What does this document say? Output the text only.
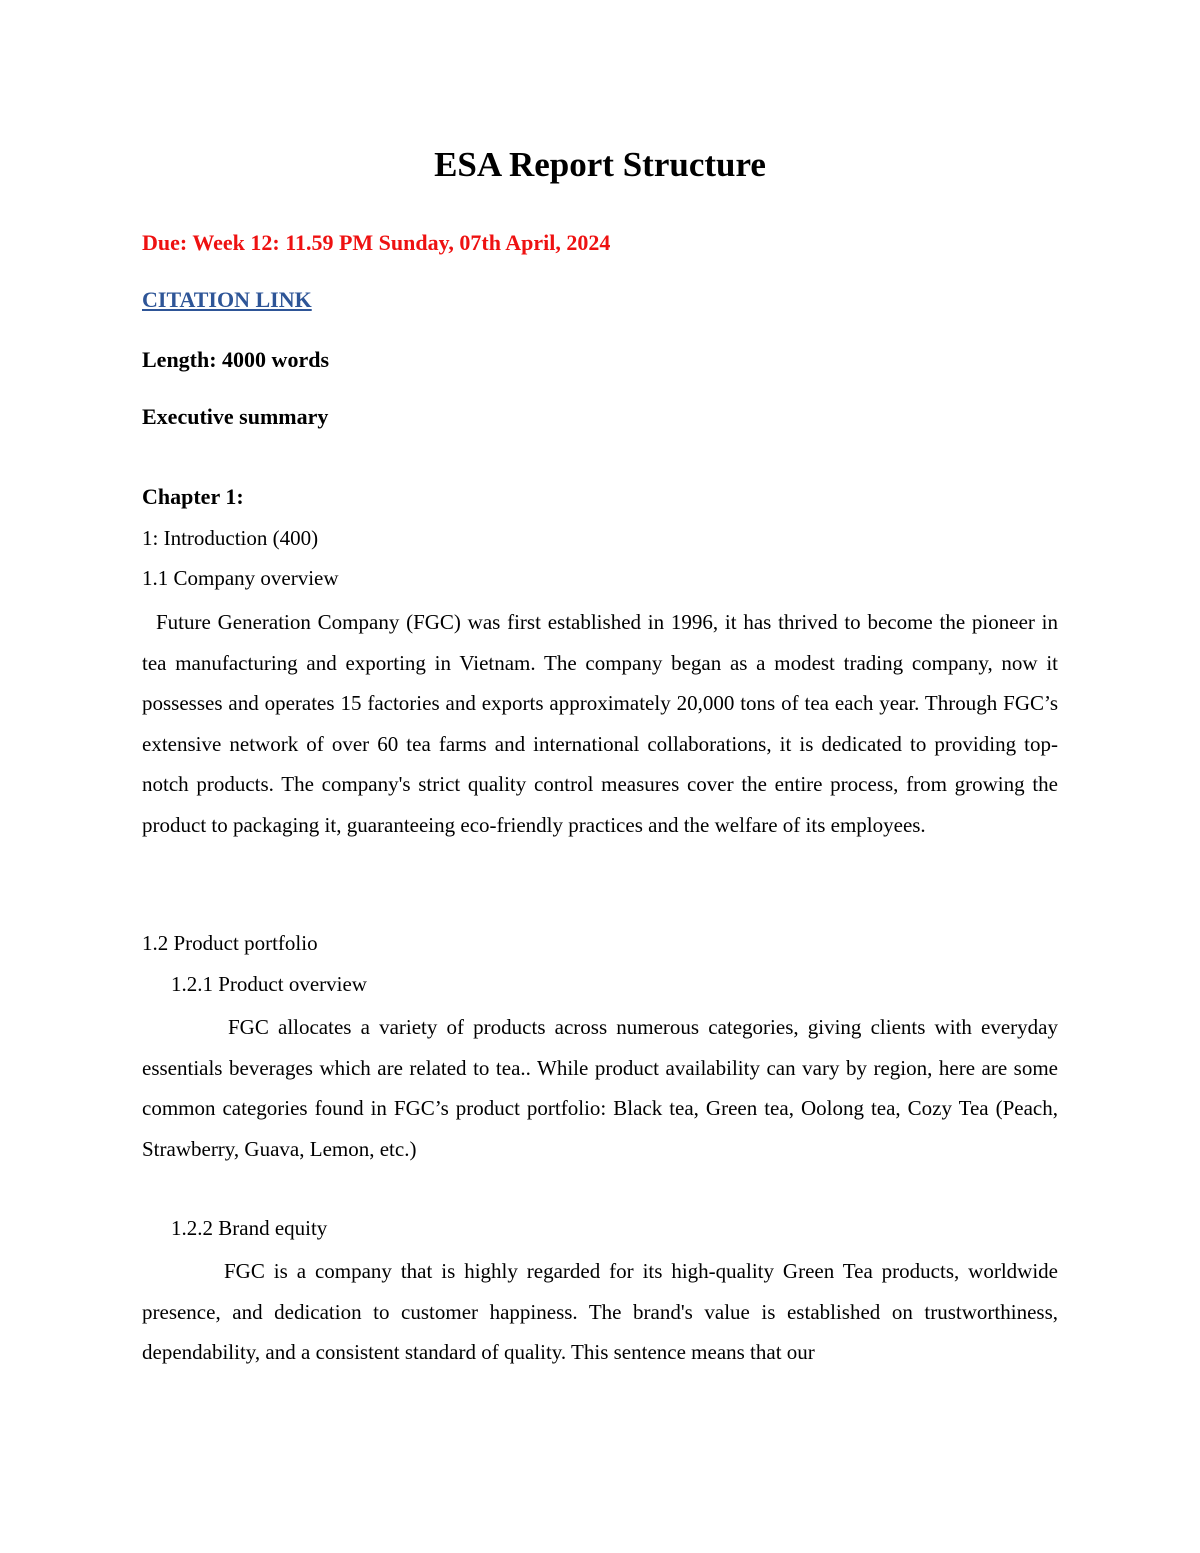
ESA Report Structure
Due: Week 12: 11.59 PM Sunday, 07th April, 2024
CITATION LINK
Length: 4000 words
Executive summary
Chapter 1:
1: Introduction (400)
1.1 Company overview
Future Generation Company (FGC) was first established in 1996, it has thrived to become the pioneer in tea manufacturing and exporting in Vietnam. The company began as a modest trading company, now it possesses and operates 15 factories and exports approximately 20,000 tons of tea each year. Through FGC’s extensive network of over 60 tea farms and international collaborations, it is dedicated to providing top-notch products. The company's strict quality control measures cover the entire process, from growing the product to packaging it, guaranteeing eco-friendly practices and the welfare of its employees.
1.2 Product portfolio
1.2.1 Product overview
FGC allocates a variety of products across numerous categories, giving clients with everyday essentials beverages which are related to tea.. While product availability can vary by region, here are some common categories found in FGC’s product portfolio: Black tea, Green tea, Oolong tea, Cozy Tea (Peach, Strawberry, Guava, Lemon, etc.)
1.2.2 Brand equity
FGC is a company that is highly regarded for its high-quality Green Tea products, worldwide presence, and dedication to customer happiness. The brand's value is established on trustworthiness, dependability, and a consistent standard of quality. This sentence means that our
